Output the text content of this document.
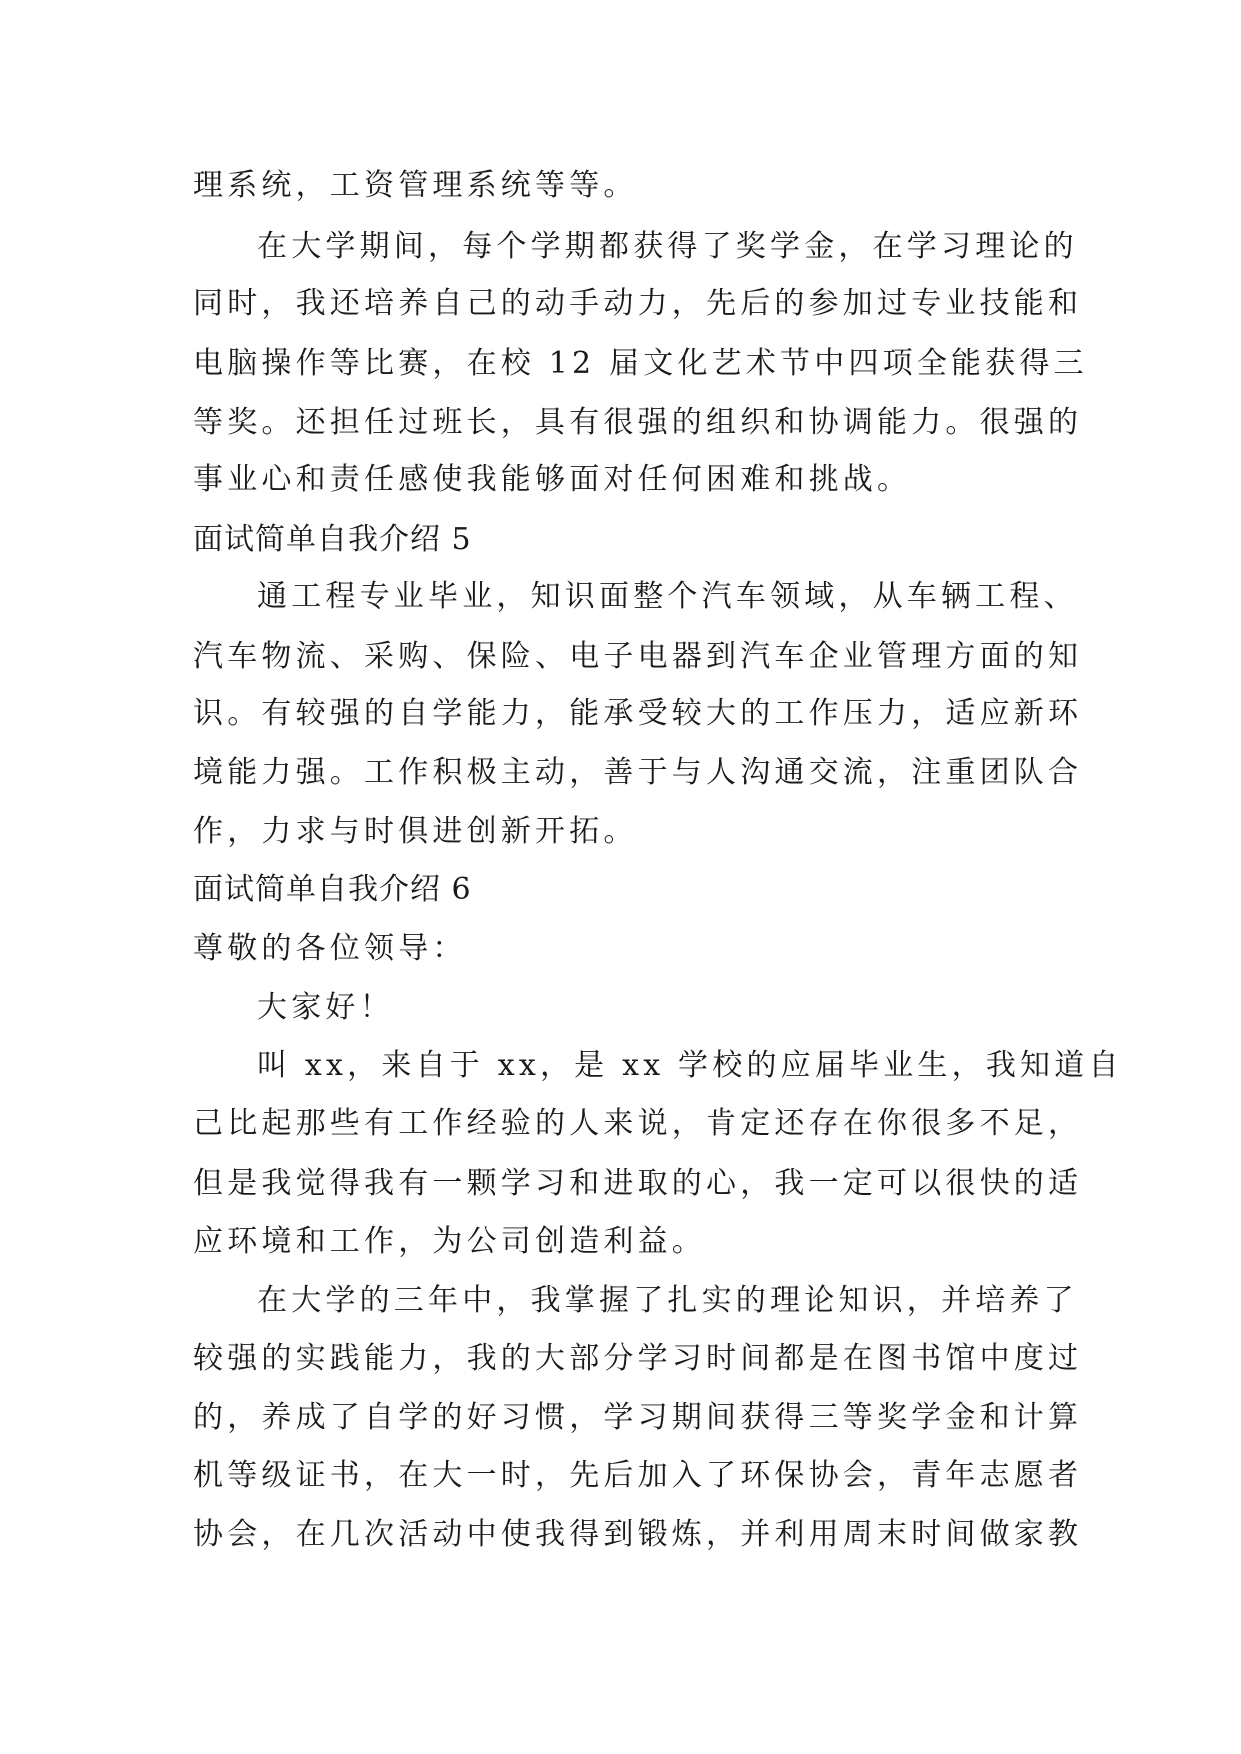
理系统，工资管理系统等等。
在大学期间，每个学期都获得了奖学金，在学习理论的
同时，我还培养自己的动手动力，先后的参加过专业技能和
电脑操作等比赛，在校 12 届文化艺术节中四项全能获得三
等奖。还担任过班长，具有很强的组织和协调能力。很强的
事业心和责任感使我能够面对任何困难和挑战。
面试简单自我介绍 5
通工程专业毕业，知识面整个汽车领域，从车辆工程、
汽车物流、采购、保险、电子电器到汽车企业管理方面的知
识。有较强的自学能力，能承受较大的工作压力，适应新环
境能力强。工作积极主动，善于与人沟通交流，注重团队合
作，力求与时俱进创新开拓。
面试简单自我介绍 6
尊敬的各位领导：
大家好！
叫 xx，来自于 xx，是 xx 学校的应届毕业生，我知道自
己比起那些有工作经验的人来说，肯定还存在你很多不足，
但是我觉得我有一颗学习和进取的心，我一定可以很快的适
应环境和工作，为公司创造利益。
在大学的三年中，我掌握了扎实的理论知识，并培养了
较强的实践能力，我的大部分学习时间都是在图书馆中度过
的，养成了自学的好习惯，学习期间获得三等奖学金和计算
机等级证书，在大一时，先后加入了环保协会，青年志愿者
协会，在几次活动中使我得到锻炼，并利用周末时间做家教
